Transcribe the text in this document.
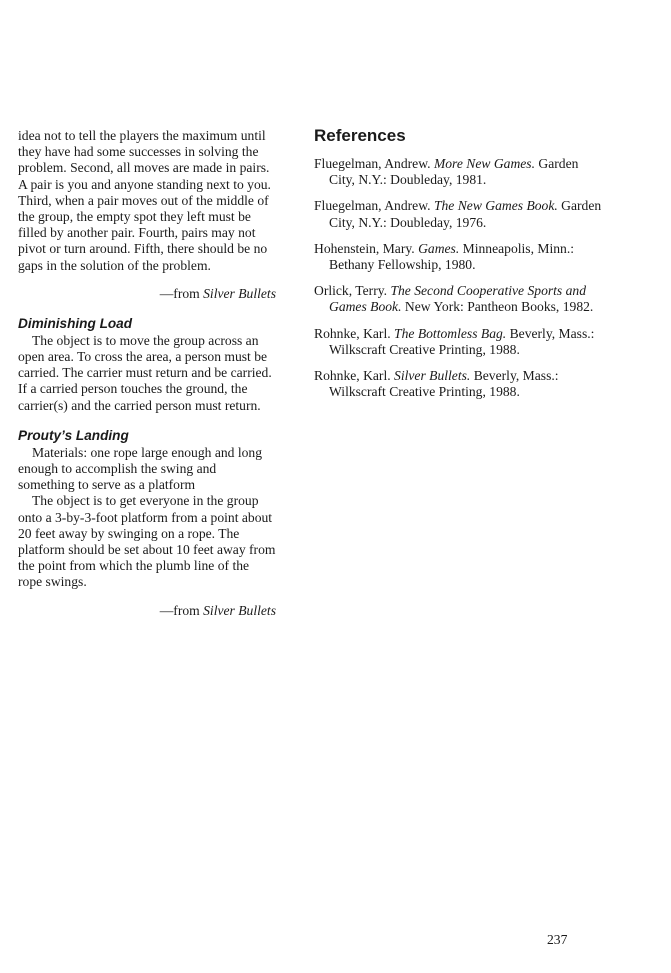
idea not to tell the players the maximum until they have had some successes in solving the problem. Second, all moves are made in pairs. A pair is you and anyone standing next to you. Third, when a pair moves out of the middle of the group, the empty spot they left must be filled by another pair. Fourth, pairs may not pivot or turn around. Fifth, there should be no gaps in the solution of the problem.

—from Silver Bullets

Diminishing Load

The object is to move the group across an open area. To cross the area, a person must be carried. The carrier must return and be carried. If a carried person touches the ground, the carrier(s) and the carried person must return.

Prouty’s Landing

Materials: one rope large enough and long enough to accomplish the swing and something to serve as a platform

The object is to get everyone in the group onto a 3-by-3-foot platform from a point about 20 feet away by swinging on a rope. The platform should be set about 10 feet away from the point from which the plumb line of the rope swings.

—from Silver Bullets

References

Fluegelman, Andrew. More New Games. Garden City, N.Y.: Doubleday, 1981.

Fluegelman, Andrew. The New Games Book. Garden City, N.Y.: Doubleday, 1976.

Hohenstein, Mary. Games. Minneapolis, Minn.: Bethany Fellowship, 1980.

Orlick, Terry. The Second Cooperative Sports and Games Book. New York: Pantheon Books, 1982.

Rohnke, Karl. The Bottomless Bag. Beverly, Mass.: Wilkscraft Creative Printing, 1988.

Rohnke, Karl. Silver Bullets. Beverly, Mass.: Wilkscraft Creative Printing, 1988.

237
